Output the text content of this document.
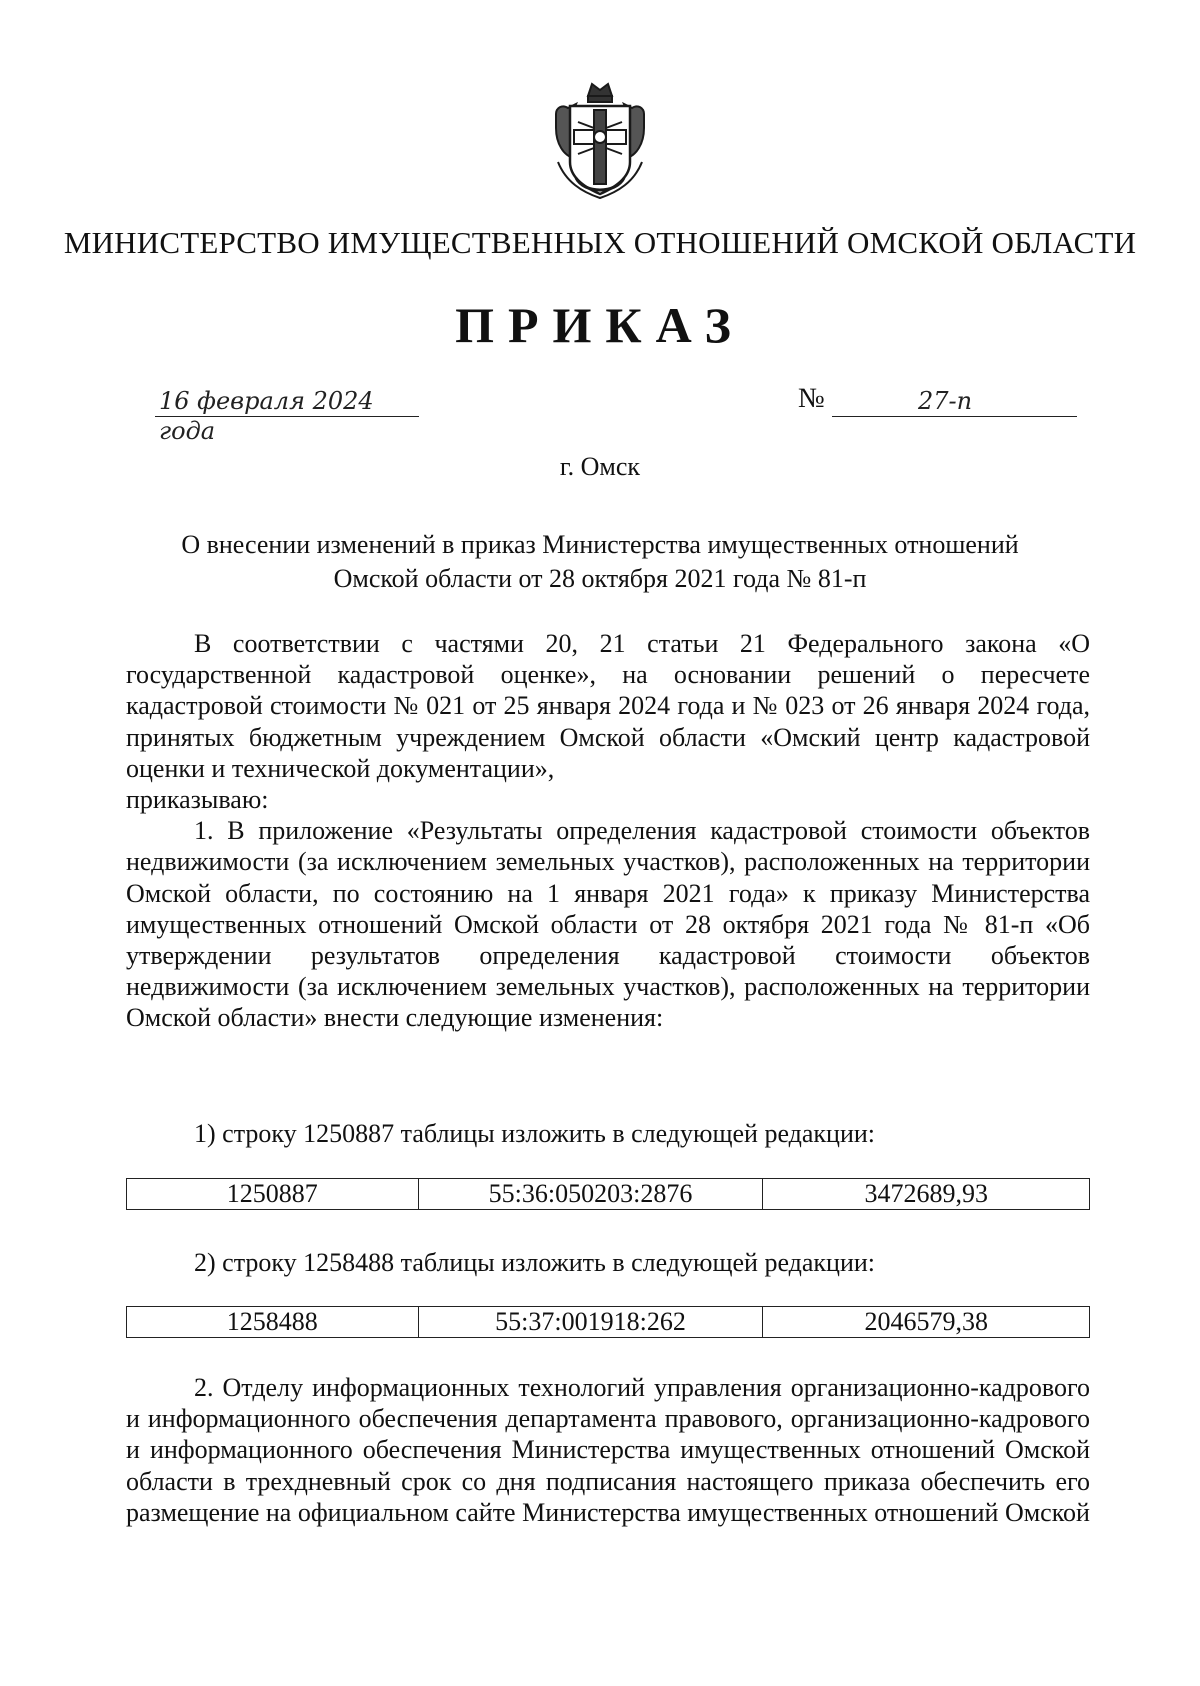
МИНИСТЕРСТВО ИМУЩЕСТВЕННЫХ ОТНОШЕНИЙ ОМСКОЙ ОБЛАСТИ
ПРИКАЗ
16 февраля 2024 года
№	27-п
г. Омск
О внесении изменений в приказ Министерства имущественных отношений
Омской области от 28 октября 2021 года № 81-п

В соответствии с частями 20, 21 статьи 21 Федерального закона «О государственной кадастровой оценке», на основании решений о пересчете кадастровой стоимости № 021 от 25 января 2024 года и № 023 от 26 января 2024 года, принятых бюджетным учреждением Омской области «Омский центр кадастровой оценки и технической документации»,

приказываю:

1. В приложение «Результаты определения кадастровой стоимости объектов недвижимости (за исключением земельных участков), расположенных на территории Омской области, по состоянию на 1 января 2021 года» к приказу Министерства имущественных отношений Омской области от 28 октября 2021 года № 81-п «Об утверждении результатов определения кадастровой стоимости объектов недвижимости (за исключением земельных участков), расположенных на территории Омской области» внести следующие изменения:

1) строку 1250887 таблицы изложить в следующей редакции:
1250887	55:36:050203:2876	3472689,93
2) строку 1258488 таблицы изложить в следующей редакции:
1258488	55:37:001918:262	2046579,38

2. Отделу информационных технологий управления организационно-кадрового и информационного обеспечения департамента правового, организационно-кадрового и информационного обеспечения Министерства имущественных отношений Омской области в трехдневный срок со дня подписания настоящего приказа обеспечить его размещение на официальном сайте Министерства имущественных отношений Омской
